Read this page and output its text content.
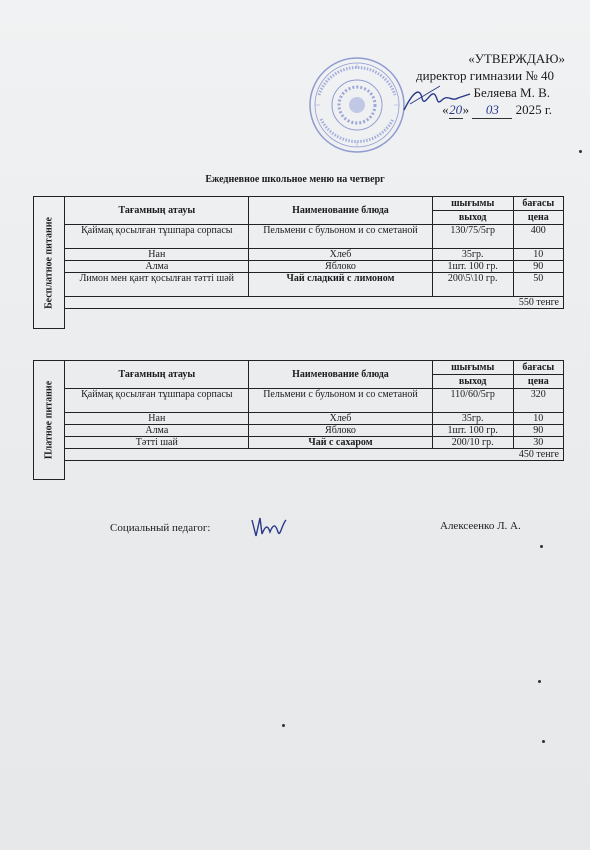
«УТВЕРЖДАЮ»
директор гимназии № 40
Беляева М. В.
«20» 03 2025 г.
Ежедневное школьное меню на четверг
Бесплатное питание	Тағамның атауы	Наименование блюда	шығымы	бағасы
			выход	цена
	Қаймақ қосылған тұшпара сорпасы	Пельмени с бульоном и со сметаной	130/75/5гр	400
	Нан	Хлеб	35гр.	10
	Алма	Яблоко	1шт. 100 гр.	90
	Лимон мен қант қосылған тәтті шәй	Чай сладкий с лимоном	200\5\10 гр.	50
	550 тенге			

Платное питание	Тағамның атауы	Наименование блюда	шығымы	бағасы
			выход	цена
	Қаймақ қосылған тұшпара сорпасы	Пельмени с бульоном и со сметаной	110/60/5гр	320
	Нан	Хлеб	35гр.	10
	Алма	Яблоко	1шт. 100 гр.	90
	Тәтті шай	Чай с сахаром	200/10 гр.	30
	450 тенге			

Социальный педагог:	Алексеенко Л. А.
